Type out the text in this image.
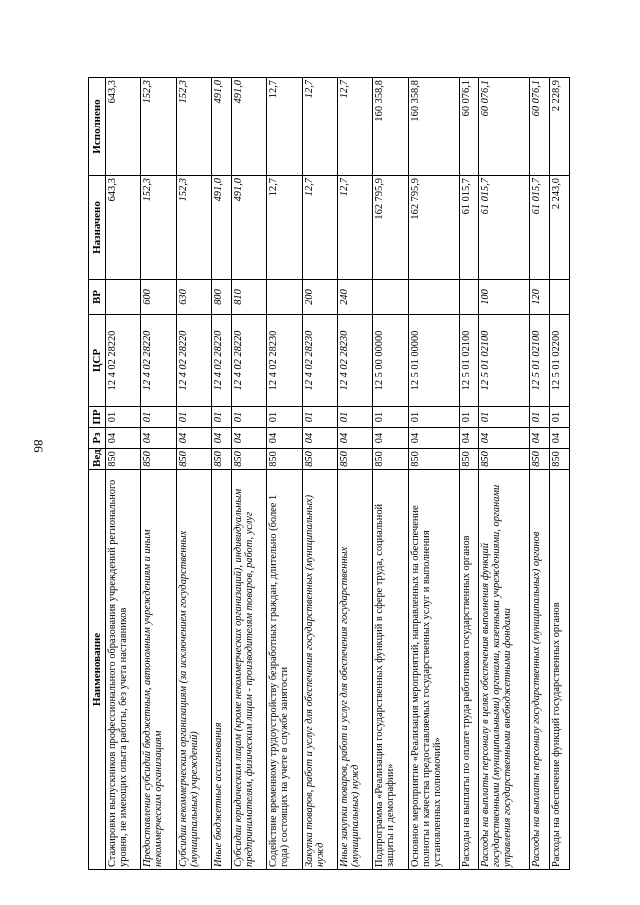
86
Наименование	Вед	Рз	ПР	ЦСР	ВР	Назначено	Исполнено
Стажировки выпускников профессионального образования учреждений регионального уровня, не имеющих опыта работы, без учета наставников	850	04	01	12 4 02 28220		643,3	643,3
Предоставление субсидий бюджетным, автономным учреждениям и иным некоммерческим организациям	850	04	01	12 4 02 28220	600	152,3	152,3
Субсидии некоммерческим организациям (за исключением государственных (муниципальных) учреждений)	850	04	01	12 4 02 28220	630	152,3	152,3
Иные бюджетные ассигнования	850	04	01	12 4 02 28220	800	491,0	491,0
Субсидии юридическим лицам (кроме некоммерческих организаций), индивидуальным предпринимателям, физическим лицам - производителям товаров, работ, услуг	850	04	01	12 4 02 28220	810	491,0	491,0
Содействие временному трудоустройству безработных граждан, длительно (более 1 года) состоящих на учете в службе занятости	850	04	01	12 4 02 28230		12,7	12,7
Закупка товаров, работ и услуг для обеспечения государственных (муниципальных) нужд	850	04	01	12 4 02 28230	200	12,7	12,7
Иные закупки товаров, работ и услуг для обеспечения государственных (муниципальных) нужд	850	04	01	12 4 02 28230	240	12,7	12,7
Подпрограмма «Реализация государственных функций в сфере труда, социальной защиты и демографии»	850	04	01	12 5 00 00000		162 795,9	160 358,8
Основное мероприятие «Реализация мероприятий, направленных на обеспечение полноты и качества предоставляемых государственных услуг и выполнения установленных полномочий»	850	04	01	12 5 01 00000		162 795,9	160 358,8
Расходы на выплаты по оплате труда работников государственных органов	850	04	01	12 5 01 02100		61 015,7	60 076,1
Расходы на выплаты персоналу в целях обеспечения выполнения функций государственными (муниципальными) органами, казенными учреждениями, органами управления государственными внебюджетными фондами	850	04	01	12 5 01 02100	100	61 015,7	60 076,1
Расходы на выплаты персоналу государственных (муниципальных) органов	850	04	01	12 5 01 02100	120	61 015,7	60 076,1
Расходы на обеспечение функций государственных органов	850	04	01	12 5 01 02200		2 243,0	2 228,9
